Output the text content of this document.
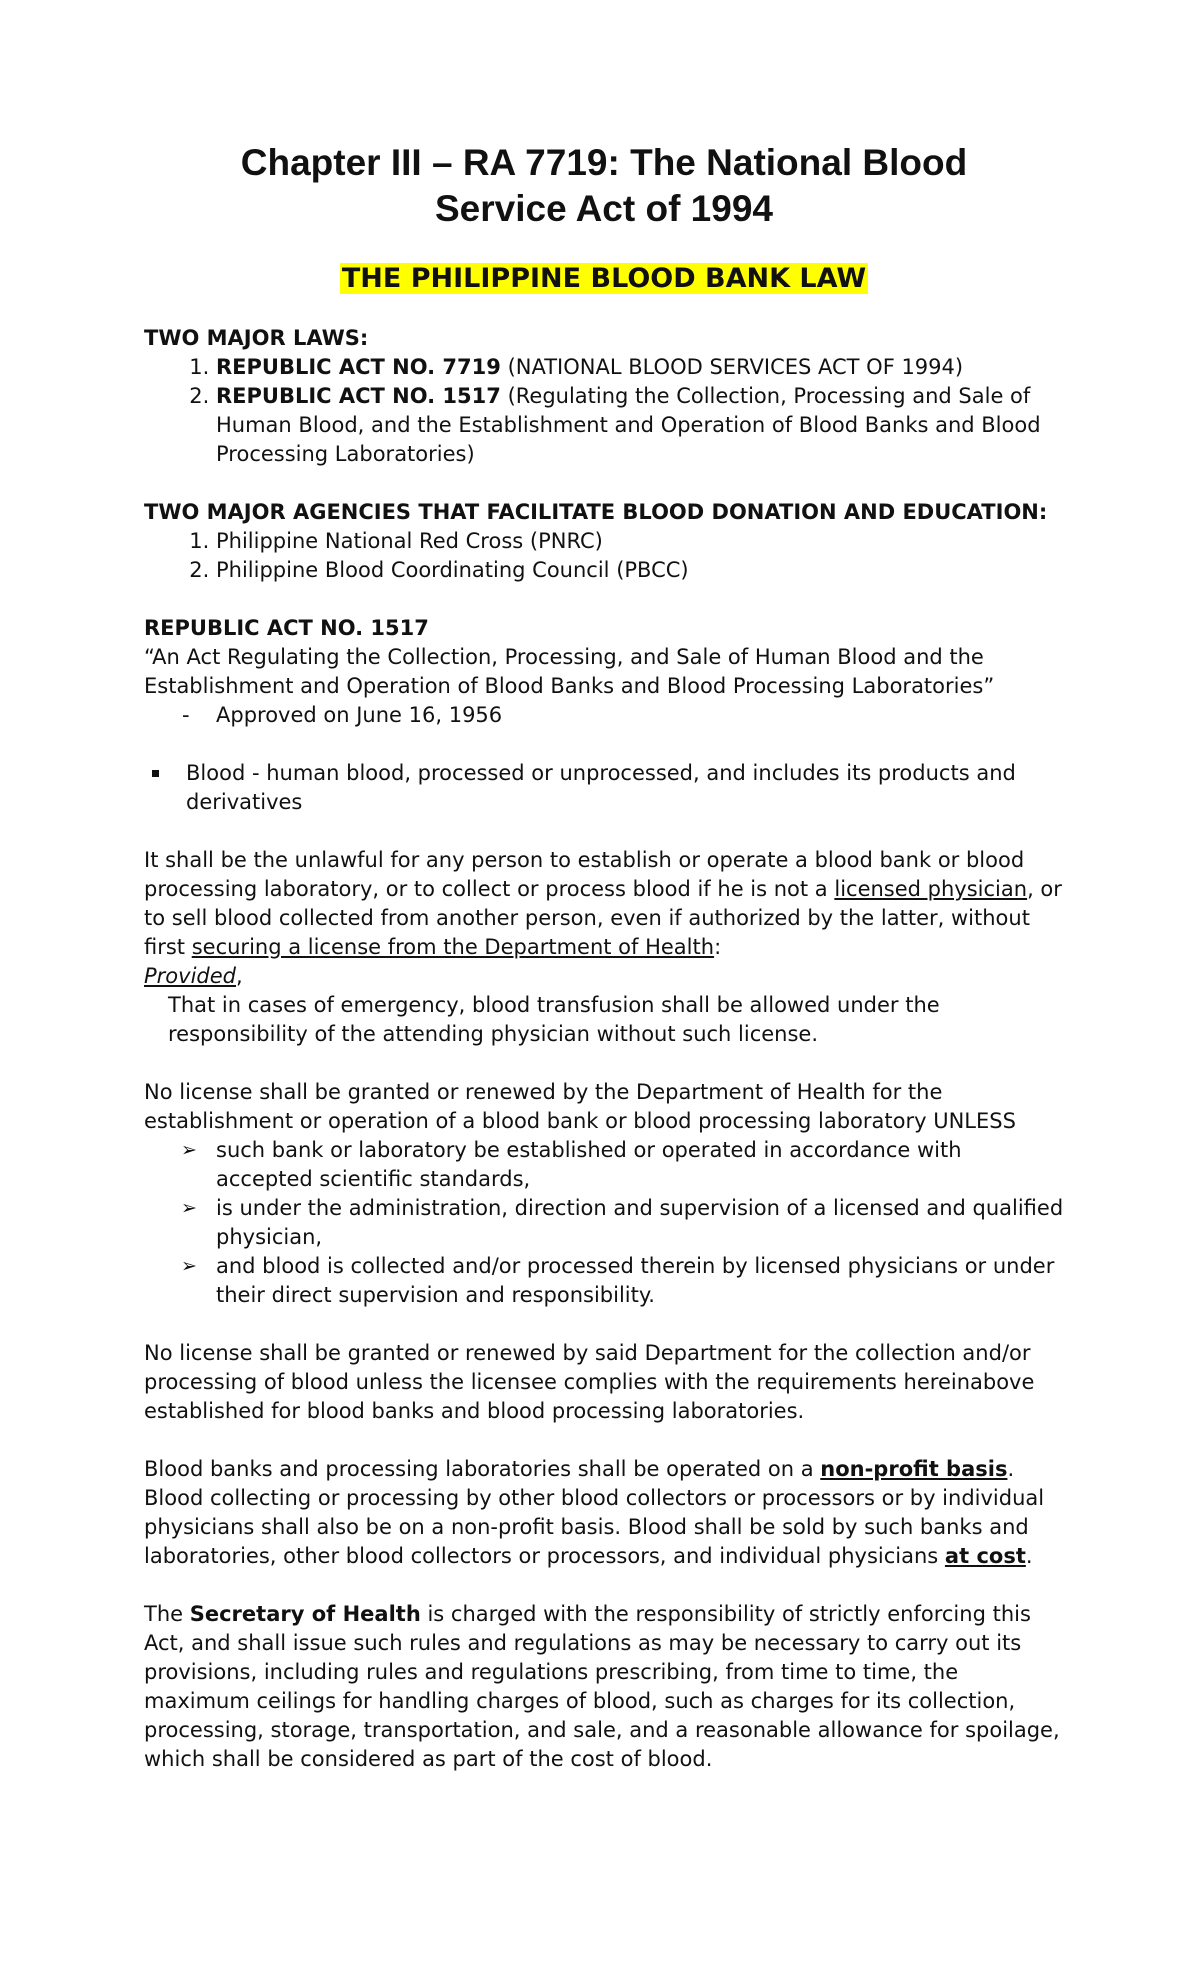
Chapter III – RA 7719: The National Blood
Service Act of 1994
THE PHILIPPINE BLOOD BANK LAW

TWO MAJOR LAWS:

1. REPUBLIC ACT NO. 7719 (NATIONAL BLOOD SERVICES ACT OF 1994)
2. REPUBLIC ACT NO. 1517 (Regulating the Collection, Processing and Sale of Human Blood, and the Establishment and Operation of Blood Banks and Blood Processing Laboratories)

TWO MAJOR AGENCIES THAT FACILITATE BLOOD DONATION AND EDUCATION:

1. Philippine National Red Cross (PNRC)
2. Philippine Blood Coordinating Council (PBCC)

REPUBLIC ACT NO. 1517

“An Act Regulating the Collection, Processing, and Sale of Human Blood and the Establishment and Operation of Blood Banks and Blood Processing Laboratories”

- Approved on June 16, 1956
Blood - human blood, processed or unprocessed, and includes its products and derivatives

It shall be the unlawful for any person to establish or operate a blood bank or blood processing laboratory, or to collect or process blood if he is not a licensed physician, or to sell blood collected from another person, even if authorized by the latter, without first securing a license from the Department of Health:

Provided,

That in cases of emergency, blood transfusion shall be allowed under the responsibility of the attending physician without such license.

No license shall be granted or renewed by the Department of Health for the establishment or operation of a blood bank or blood processing laboratory UNLESS

➢ such bank or laboratory be established or operated in accordance with accepted scientific standards,
➢ is under the administration, direction and supervision of a licensed and qualified physician,
➢ and blood is collected and/or processed therein by licensed physicians or under their direct supervision and responsibility.

No license shall be granted or renewed by said Department for the collection and/or processing of blood unless the licensee complies with the requirements hereinabove established for blood banks and blood processing laboratories.

Blood banks and processing laboratories shall be operated on a non-profit basis. Blood collecting or processing by other blood collectors or processors or by individual physicians shall also be on a non-profit basis. Blood shall be sold by such banks and laboratories, other blood collectors or processors, and individual physicians at cost.

The Secretary of Health is charged with the responsibility of strictly enforcing this Act, and shall issue such rules and regulations as may be necessary to carry out its provisions, including rules and regulations prescribing, from time to time, the maximum ceilings for handling charges of blood, such as charges for its collection, processing, storage, transportation, and sale, and a reasonable allowance for spoilage, which shall be considered as part of the cost of blood.
